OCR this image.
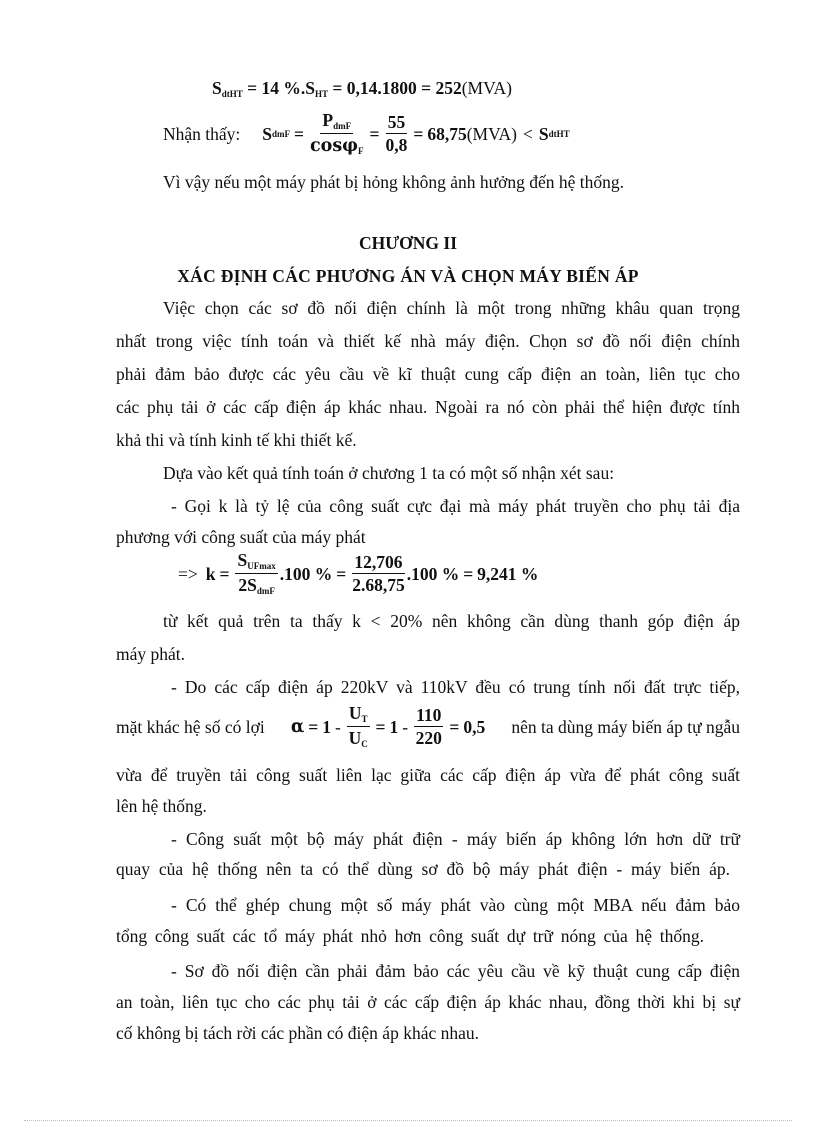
$S_{dtHT} = 14$ $\%.S_{HT} = 0,14.1800 = 252(MVA)$
Nhận thấy: S dmF = $\frac{P_{dmF}}{\cos\varphi_F} = \frac{55}{0,8} = 68,75$ (MVA) < S dtHT
Vì vậy nếu một máy phát bị hỏng không ảnh hưởng đến hệ thống.
CHƯƠNG II
XÁC ĐỊNH CÁC PHƯƠNG ÁN VÀ CHỌN MÁY BIẾN ÁP
Việc chọn các sơ đồ nối điện chính là một trong những khâu quan trọng
nhất trong việc tính toán và thiết kế nhà máy điện. Chọn sơ đồ nối điện chính
phải đảm bảo được các yêu cầu về kĩ thuật cung cấp điện an toàn, liên tục cho
các phụ tải ở các cấp điện áp khác nhau. Ngoài ra nó còn phải thể hiện được tính
khả thi và tính kinh tế khi thiết kế.
Dựa vào kết quả tính toán ở chương 1 ta có một số nhận xét sau:
- Gọi k là tỷ lệ của công suất cực đại mà máy phát truyền cho phụ tải địa
phương với công suất của máy phát
=> $k = \frac{S_{UFmax}}{2S_{dmF}} .100$ % = $\frac{12,706}{2.68,75} .100$ % = 9,241 %
từ kết quả trên ta thấy k < 20% nên không cần dùng thanh góp điện áp
máy phát.
- Do các cấp điện áp 220kV và 110kV đều có trung tính nối đất trực tiếp,
mặt khác hệ số có lợi $\alpha = 1 - \frac{U_T}{U_C} = 1 - \frac{110}{220} = 0,5$ nên ta dùng máy biến áp tự ngẫu
vừa để truyền tải công suất liên lạc giữa các cấp điện áp vừa để phát công suất
lên hệ thống.
- Công suất một bộ máy phát điện - máy biến áp không lớn hơn dữ trữ
quay của hệ thống nên ta có thể dùng sơ đồ bộ máy phát điện - máy biến áp.
- Có thể ghép chung một số máy phát vào cùng một MBA nếu đảm bảo
tổng công suất các tổ máy phát nhỏ hơn công suất dự trữ nóng của hệ thống.
- Sơ đồ nối điện cần phải đảm bảo các yêu cầu về kỹ thuật cung cấp điện
an toàn, liên tục cho các phụ tải ở các cấp điện áp khác nhau, đồng thời khi bị sự
cố không bị tách rời các phần có điện áp khác nhau.
